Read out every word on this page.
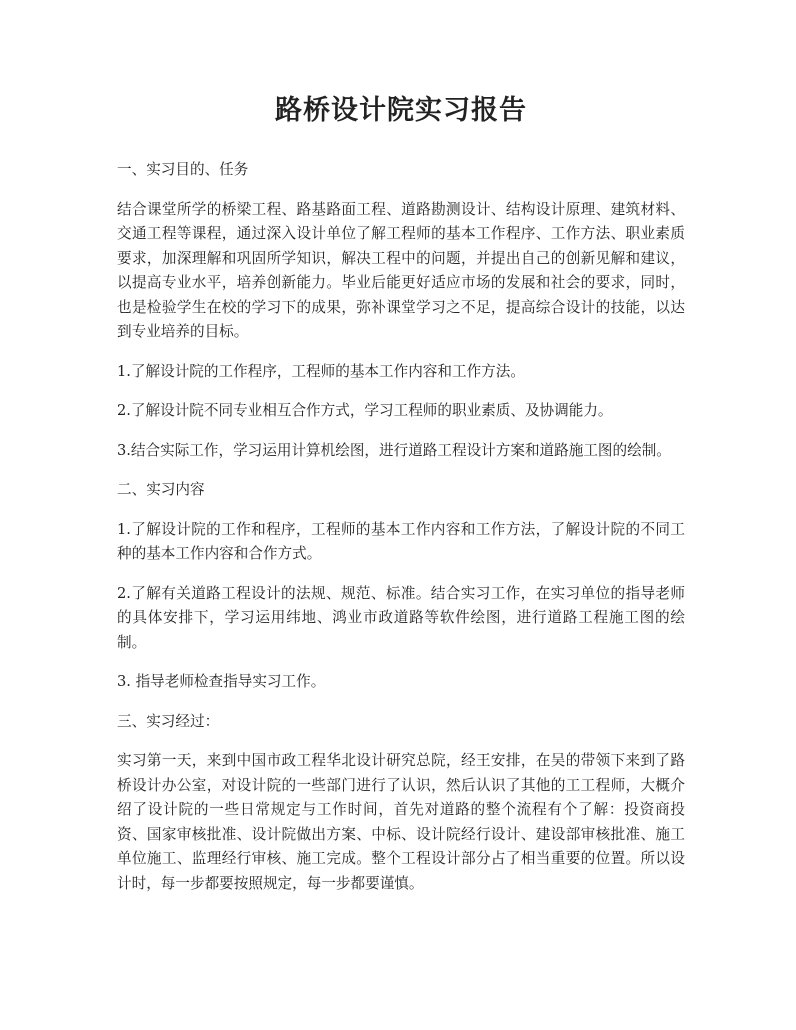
路桥设计院实习报告
一、实习目的、任务

结合课堂所学的桥梁工程、路基路面工程、道路勘测设计、结构设计原理、建筑材料、交通工程等课程，通过深入设计单位了解工程师的基本工作程序、工作方法、职业素质要求，加深理解和巩固所学知识，解决工程中的问题，并提出自己的创新见解和建议，以提高专业水平，培养创新能力。毕业后能更好适应市场的发展和社会的要求，同时，也是检验学生在校的学习下的成果，弥补课堂学习之不足，提高综合设计的技能，以达到专业培养的目标。

1.了解设计院的工作程序，工程师的基本工作内容和工作方法。

2.了解设计院不同专业相互合作方式，学习工程师的职业素质、及协调能力。

3.结合实际工作，学习运用计算机绘图，进行道路工程设计方案和道路施工图的绘制。

二、实习内容

1.了解设计院的工作和程序，工程师的基本工作内容和工作方法，了解设计院的不同工种的基本工作内容和合作方式。

2.了解有关道路工程设计的法规、规范、标准。结合实习工作，在实习单位的指导老师的具体安排下，学习运用纬地、鸿业市政道路等软件绘图，进行道路工程施工图的绘制。

3. 指导老师检查指导实习工作。

三、实习经过：

实习第一天，来到中国市政工程华北设计研究总院，经王安排，在吴的带领下来到了路桥设计办公室，对设计院的一些部门进行了认识，然后认识了其他的工工程师，大概介绍了设计院的一些日常规定与工作时间，首先对道路的整个流程有个了解：投资商投资、国家审核批准、设计院做出方案、中标、设计院经行设计、建设部审核批准、施工单位施工、监理经行审核、施工完成。整个工程设计部分占了相当重要的位置。所以设计时，每一步都要按照规定，每一步都要谨慎。
